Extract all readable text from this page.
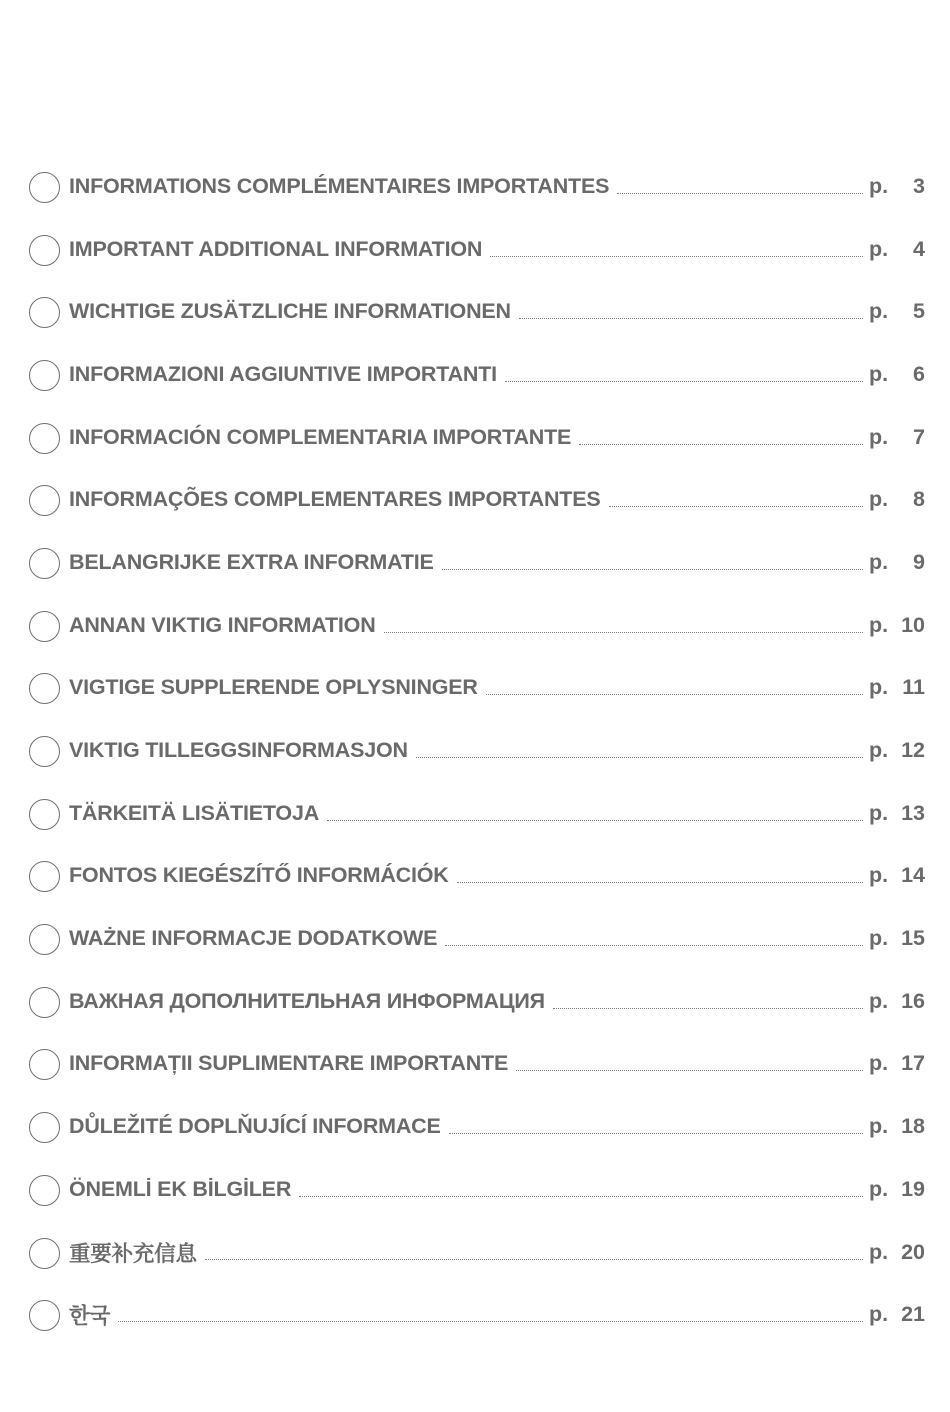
INFORMATIONS COMPLÉMENTAIRES IMPORTANTES	p. 3
IMPORTANT ADDITIONAL INFORMATION	p. 4
WICHTIGE ZUSÄTZLICHE INFORMATIONEN	p. 5
INFORMAZIONI AGGIUNTIVE IMPORTANTI	p. 6
INFORMACIÓN COMPLEMENTARIA IMPORTANTE	p. 7
INFORMAÇÕES COMPLEMENTARES IMPORTANTES	p. 8
BELANGRIJKE EXTRA INFORMATIE	p. 9
ANNAN VIKTIG INFORMATION	p. 10
VIGTIGE SUPPLERENDE OPLYSNINGER	p. 11
VIKTIG TILLEGGSINFORMASJON	p. 12
TÄRKEITÄ LISÄTIETOJA	p. 13
FONTOS KIEGÉSZÍTŐ INFORMÁCIÓK	p. 14
WAŻNE INFORMACJE DODATKOWE	p. 15
ВАЖНАЯ ДОПОЛНИТЕЛЬНАЯ ИНФОРМАЦИЯ	p. 16
INFORMAȚII SUPLIMENTARE IMPORTANTE	p. 17
DŮLEŽITÉ DOPLŇUJÍCÍ INFORMACE	p. 18
ÖNEMLİ EK BİLGİLER	p. 19
重要补充信息	p. 20
한국	p. 21
